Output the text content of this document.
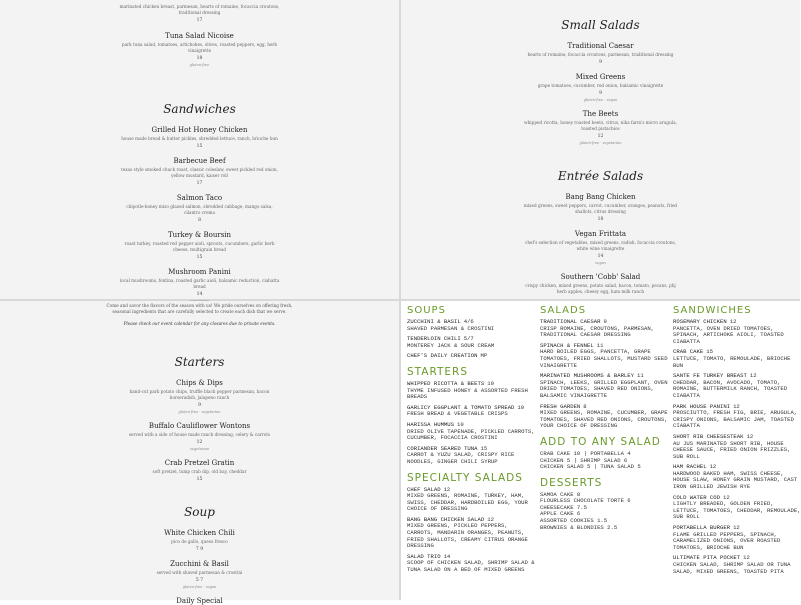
marinated chicken breast, parmesan, hearts of romaine, focaccia croutons, traditional dressing
17
Tuna Salad Nicoise
park tuna salad, tomatoes, artichokes, olives, roasted peppers, egg, herb vinaigrette
18
gluten-free
Sandwiches
Grilled Hot Honey Chicken
house made bread & butter pickles, shredded lettuce, ranch, brioche bun
15
Barbecue Beef
texas style smoked chuck roast, classic coleslaw, sweet pickled red onion, yellow mustard, kaiser roll
17
Salmon Taco
chipotle-honey miso glazed salmon, shredded cabbage, mango salsa, cilantro crema
8
Turkey & Boursin
roast turkey, roasted red pepper aioli, sprouts, cucumbers, garlic herb cheese, multigrain bread
15
Mushroom Panini
local mushrooms, fontina, roasted garlic aioli, balsamic reduction, ciabatta bread
14
Small Salads
Traditional Caesar
hearts of romaine, focaccia croutons, parmesan, traditional dressing
9
Mixed Greens
grape tomatoes, cucumber, red onion, balsamic vinaigrette
9
gluten-free · vegan
The Beets
whipped ricotta, honey roasted beets, citrus, nika farm's micro arugula, toasted pistachios
12
gluten-free · vegetarian
Entrée Salads
Bang Bang Chicken
mixed greens, sweet peppers, carrot, cucumber, oranges, peanuts, fried shallots, citrus dressing
18
Vegan Frittata
chef's selection of vegetables, mixed greens, radish, focaccia croutons, white wine vinaigrette
14
vegan
Southern 'Cobb' Salad
crispy chicken, mixed greens, potato salad, bacon, tomato, pecans, pbj herb apples, cheesy egg, ham milk ranch
Come and savor the flavors of the season with us! We pride ourselves on offering fresh, seasonal ingredients that are carefully selected to create each dish that we serve.
Please check our event calendar for any closures due to private events.
Starters
Chips & Dips
hand-cut park potato chips, truffle black pepper parmesan, bacon horseradish, jalapeno ranch
9
gluten-free · vegetarian
Buffalo Cauliflower Wontons
served with a side of house made ranch dressing, celery & carrots
12
vegetarian
Crab Pretzel Gratin
soft pretzel, lump crab dip, old bay, cheddar
15
Soup
White Chicken Chili
pico de gallo, queso fresco
7 9
Zucchini & Basil
served with shaved parmesan & crostini
5 7
gluten-free · vegan
Daily Special
SOUPS
ZUCCHINI & BASIL 4/6
SHAVED PARMESAN & CROSTINI
TENDERLOIN CHILI 5/7
MONTEREY JACK & SOUR CREAM
CHEF'S DAILY CREATION MP
STARTERS
WHIPPED RICOTTA & BEETS 10
THYME INFUSED HONEY & ASSORTED FRESH BREADS
GARLICY EGGPLANT & TOMATO SPREAD 10
FRESH BREAD & VEGETABLE CRISPS
HARISSA HUMMUS 10
DRIED OLIVE TAPENADE, PICKLED CARROTS, CUCUMBER, FOCACCIA CROSTINI
CORIANDER SEARED TUNA 15
CARROT & YUZU SALAD, CRISPY RICE NOODLES, GINGER CHILI SYRUP
SPECIALTY SALADS
CHEF SALAD 12
MIXED GREENS, ROMAINE, TURKEY, HAM, SWISS, CHEDDAR, HARDBOILED EGG, YOUR CHOICE OF DRESSING
BANG BANG CHICKEN SALAD 12
MIXED GREENS, PICKLED PEPPERS, CARROTS, MANDARIN ORANGES, PEANUTS, FRIED SHALLOTS, CREAMY CITRUS ORANGE DRESSING
SALAD TRIO 14
SCOOP OF CHICKEN SALAD, SHRIMP SALAD & TUNA SALAD ON A BED OF MIXED GREENS
SALADS
TRADITIONAL CAESAR 9
CRISP ROMAINE, CROUTONS, PARMESAN, TRADITIONAL CAESAR DRESSING
SPINACH & FENNEL 11
HARD BOILED EGGS, PANCETTA, GRAPE TOMATOES, FRIED SHALLOTS, MUSTARD SEED VINAIGRETTE
MARINATED MUSHROOMS & BARLEY 11
SPINACH, LEEKS, GRILLED EGGPLANT, OVEN DRIED TOMATOES, SHAVED RED ONIONS, BALSAMIC VINAIGRETTE
FRESH GARDEN 8
MIXED GREENS, ROMAINE, CUCUMBER, GRAPE TOMATOES, SHAVED RED ONIONS, CROUTONS, YOUR CHOICE OF DRESSING
ADD TO ANY SALAD
CRAB CAKE 10 | PORTABELLA 4
CHICKEN 5 | SHRIMP SALAD 6
CHICKEN SALAD 5 | TUNA SALAD 5
DESSERTS
SAMOA CAKE 8
FLOURLESS CHOCOLATE TORTE 6
CHEESECAKE 7.5
APPLE CAKE 6
ASSORTED COOKIES 1.5
BROWNIES & BLONDIES 2.5
SANDWICHES
ROSEMARY CHICKEN 12
PANCETTA, OVEN DRIED TOMATOES, SPINACH, ARTICHOKE AIOLI, TOASTED CIABATTA
CRAB CAKE 15
LETTUCE, TOMATO, REMOULADE, BRIOCHE BUN
SANTE FE TURKEY BREAST 12
CHEDDAR, BACON, AVOCADO, TOMATO, ROMAINE, BUTTERMILK RANCH, TOASTED CIABATTA
PARK HOUSE PANINI 12
PROSCIUTTO, FRESH FIG, BRIE, ARUGULA, CRISPY ONIONS, BALSAMIC JAM, TOASTED CIABATTA
SHORT RIB CHEESESTEAK 12
AU JUS MARINATED SHORT RIB, HOUSE CHEESE SAUCE, FRIED ONION FRIZZLES, SUB ROLL
HAM RACHEL 12
HARDWOOD BAKED HAM, SWISS CHEESE, HOUSE SLAW, HONEY GRAIN MUSTARD, CAST IRON GRILLED JEWISH RYE
COLD WATER COD 12
LIGHTLY BREADED, GOLDEN FRIED, LETTUCE, TOMATOES, CHEDDAR, REMOULADE, SUB ROLL
PORTABELLA BURGER 12
FLAME GRILLED PEPPERS, SPINACH, CARAMELIZED ONIONS, OVER ROASTED TOMATOES, BRIOCHE BUN
ULTIMATE PITA POCKET 12
CHICKEN SALAD, SHRIMP SALAD OR TUNA SALAD, MIXED GREENS, TOASTED PITA
